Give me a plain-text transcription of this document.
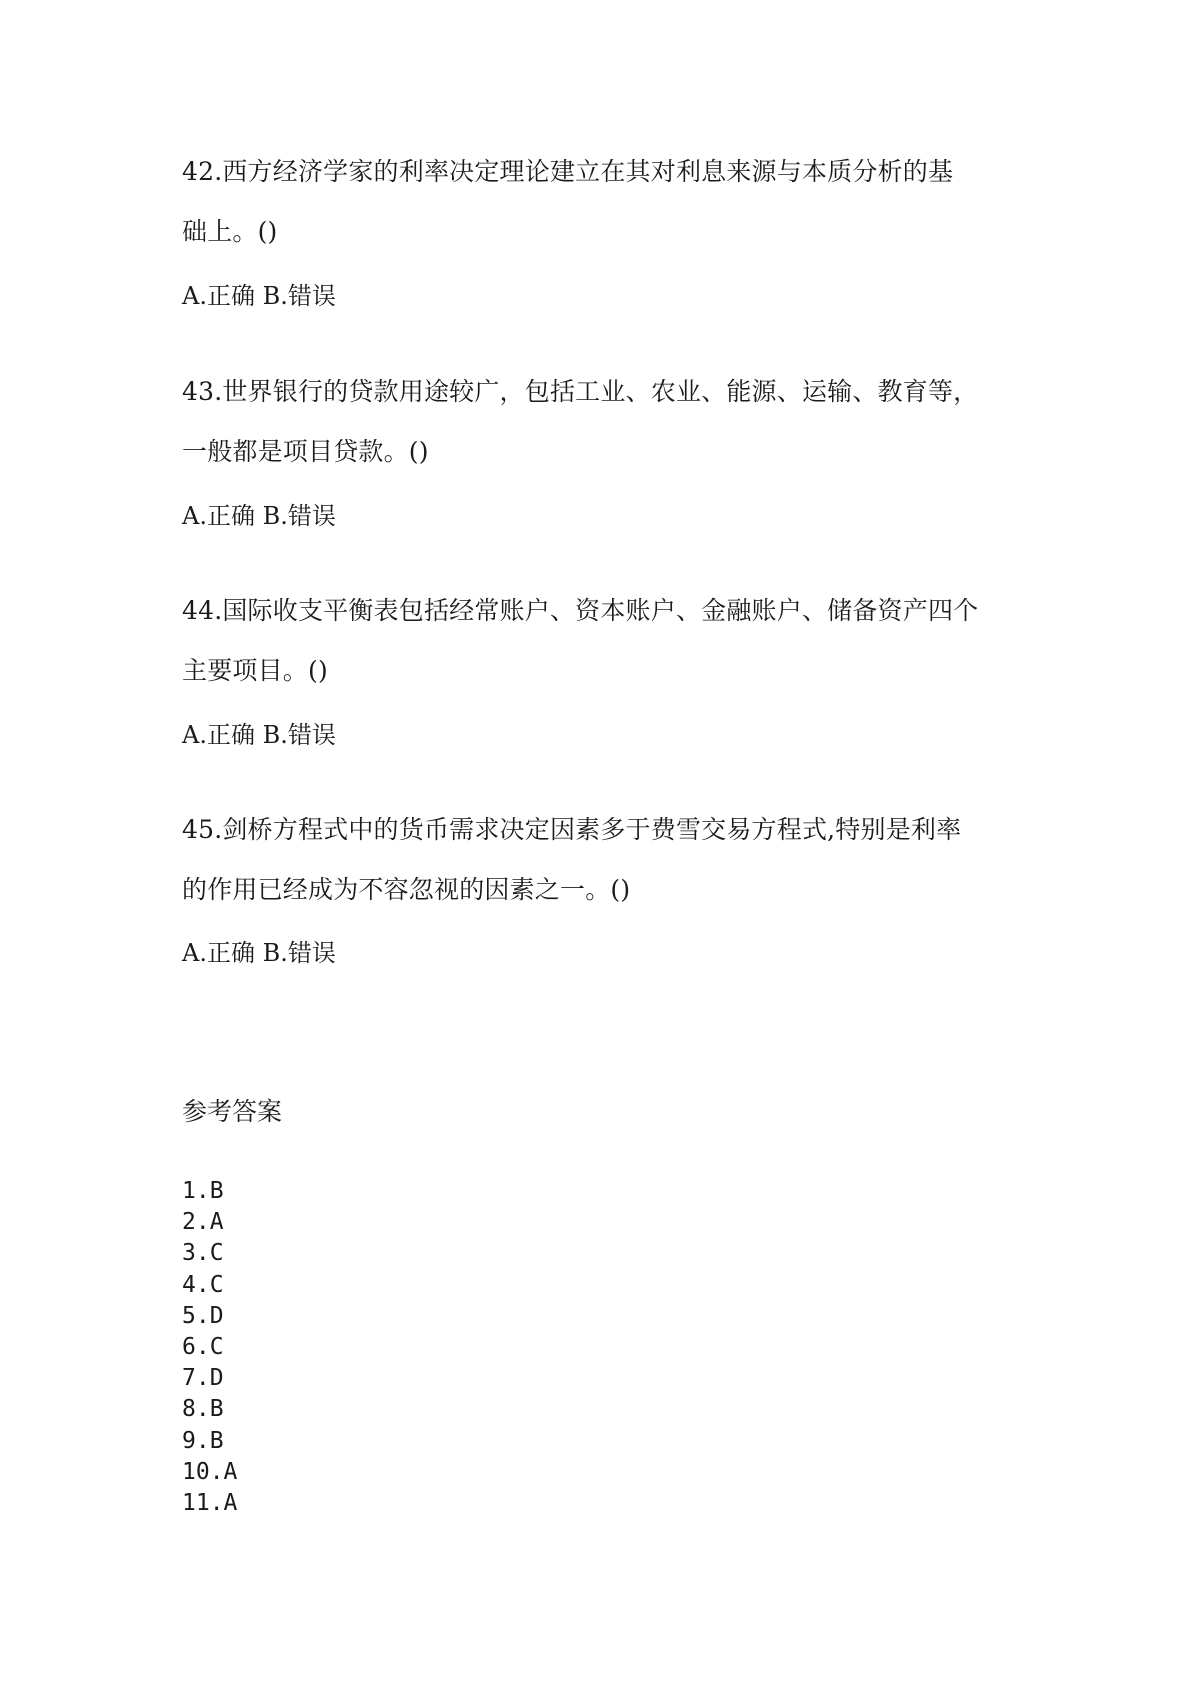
42.西方经济学家的利率决定理论建立在其对利息来源与本质分析的基
础上。()
A.正确 B.错误
43.世界银行的贷款用途较广，包括工业、农业、能源、运输、教育等，
一般都是项目贷款。()
A.正确 B.错误
44.国际收支平衡表包括经常账户、资本账户、金融账户、储备资产四个
主要项目。()
A.正确 B.错误
45.剑桥方程式中的货币需求决定因素多于费雪交易方程式,特别是利率
的作用已经成为不容忽视的因素之一。()
A.正确 B.错误
参考答案
1.B
2.A
3.C
4.C
5.D
6.C
7.D
8.B
9.B
10.A
11.A
